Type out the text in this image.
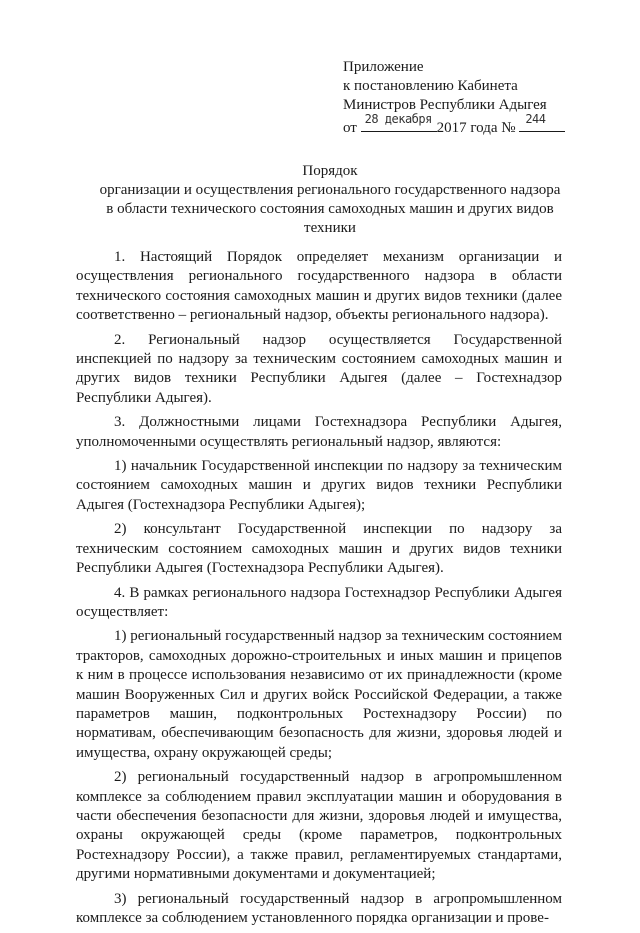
Приложение
к постановлению Кабинета
Министров Республики Адыгея
от
28 декабря
2017 года №
244
Порядок
организации и осуществления регионального государственного надзора
в области технического состояния самоходных машин и других видов
техники

1. Настоящий Порядок определяет механизм организации и осуществления регионального государственного надзора в области технического состояния самоходных машин и других видов техники (далее соответственно – региональный надзор, объекты регионального надзора).

2. Региональный надзор осуществляется Государственной инспекцией по надзору за техническим состоянием самоходных машин и других видов техники Республики Адыгея (далее – Гостехнадзор Республики Адыгея).

3. Должностными лицами Гостехнадзора Республики Адыгея, уполномоченными осуществлять региональный надзор, являются:

1) начальник Государственной инспекции по надзору за техническим состоянием самоходных машин и других видов техники Республики Адыгея (Гостехнадзора Республики Адыгея);

2) консультант Государственной инспекции по надзору за техническим состоянием самоходных машин и других видов техники Республики Адыгея (Гостехнадзора Республики Адыгея).

4. В рамках регионального надзора Гостехнадзор Республики Адыгея осуществляет:

1) региональный государственный надзор за техническим состоянием тракторов, самоходных дорожно-строительных и иных машин и прицепов к ним в процессе использования независимо от их принадлежности (кроме машин Вооруженных Сил и других войск Российской Федерации, а также параметров машин, подконтрольных Ростехнадзору России) по нормативам, обеспечивающим безопасность для жизни, здоровья людей и имущества, охрану окружающей среды;

2) региональный государственный надзор в агропромышленном комплексе за соблюдением правил эксплуатации машин и оборудования в части обеспечения безопасности для жизни, здоровья людей и имущества, охраны окружающей среды (кроме параметров, подконтрольных Ростехнадзору России), а также правил, регламентируемых стандартами, другими нормативными документами и документацией;

3) региональный государственный надзор в агропромышленном комплексе за соблюдением установленного порядка организации и прове-
